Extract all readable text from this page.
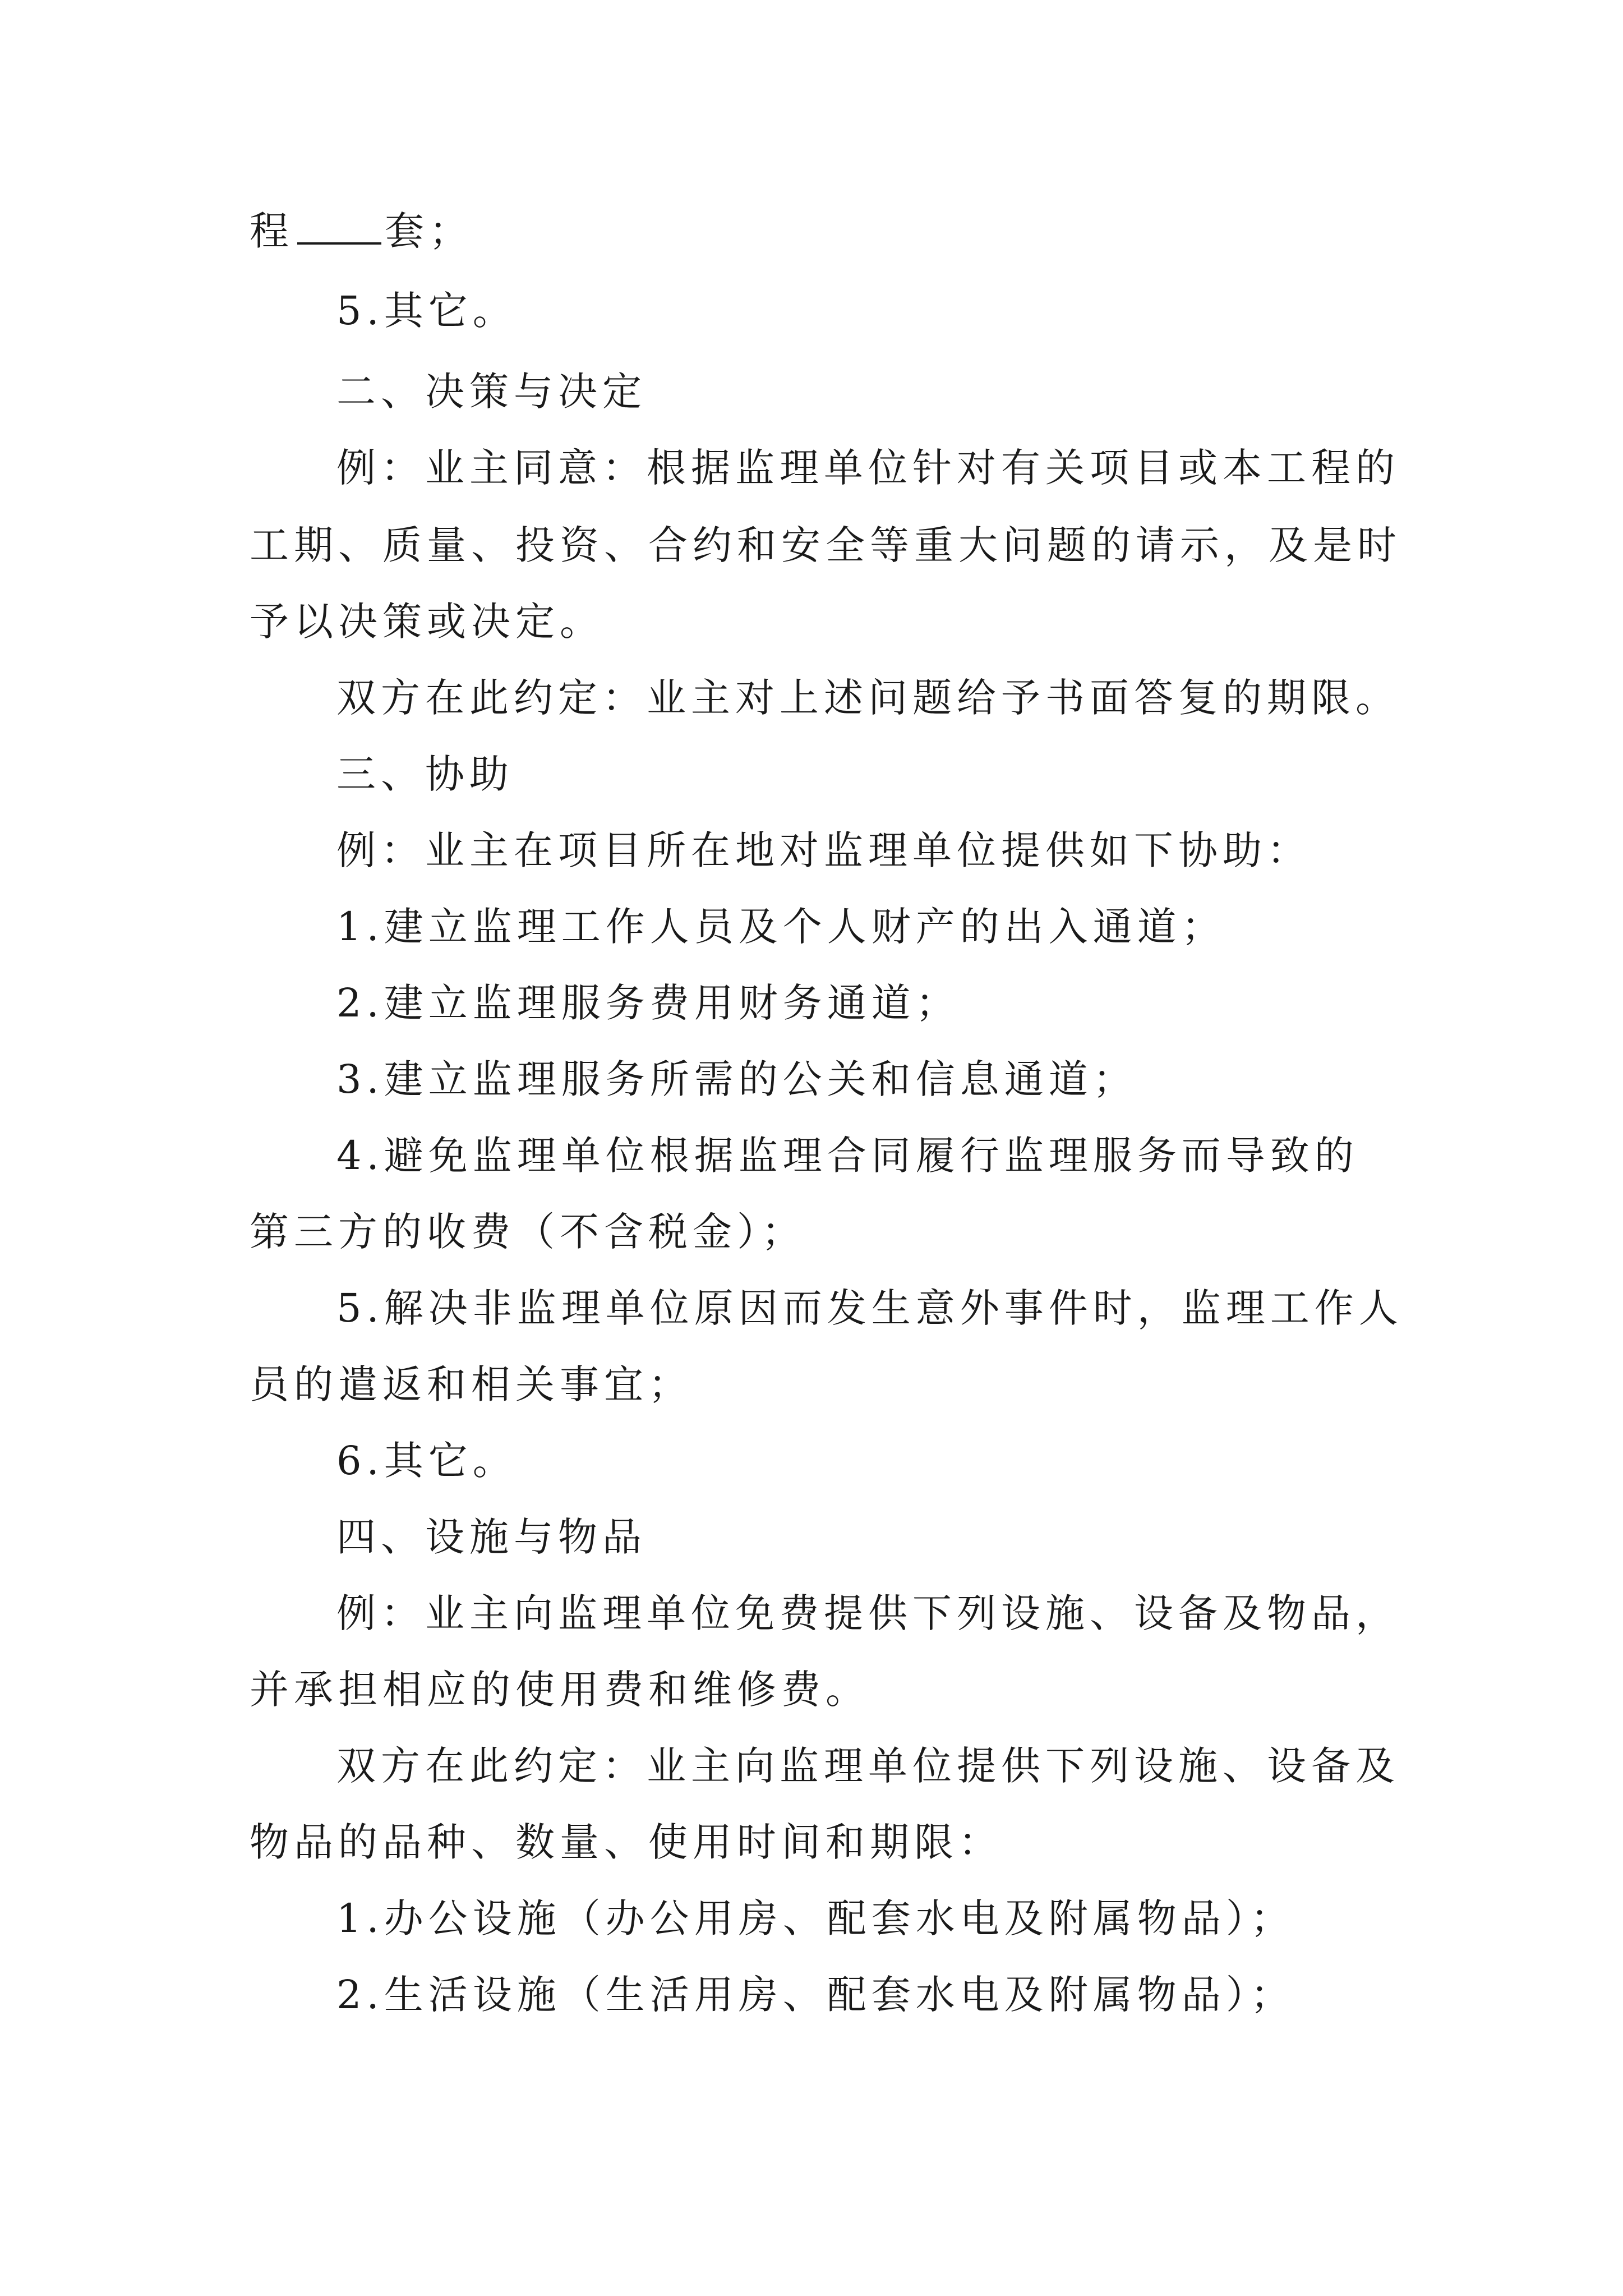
程 套；
5.其它。
二、决策与决定
例：业主同意：根据监理单位针对有关项目或本工程的
工期、质量、投资、合约和安全等重大问题的请示，及是时
予以决策或决定。
双方在此约定：业主对上述问题给予书面答复的期限。
三、协助
例：业主在项目所在地对监理单位提供如下协助：
1.建立监理工作人员及个人财产的出入通道；
2.建立监理服务费用财务通道；
3.建立监理服务所需的公关和信息通道；
4.避免监理单位根据监理合同履行监理服务而导致的
第三方的收费（不含税金）；
5.解决非监理单位原因而发生意外事件时，监理工作人
员的遣返和相关事宜；
6.其它。
四、设施与物品
例：业主向监理单位免费提供下列设施、设备及物品，
并承担相应的使用费和维修费。
双方在此约定：业主向监理单位提供下列设施、设备及
物品的品种、数量、使用时间和期限：
1.办公设施（办公用房、配套水电及附属物品）；
2.生活设施（生活用房、配套水电及附属物品）；
